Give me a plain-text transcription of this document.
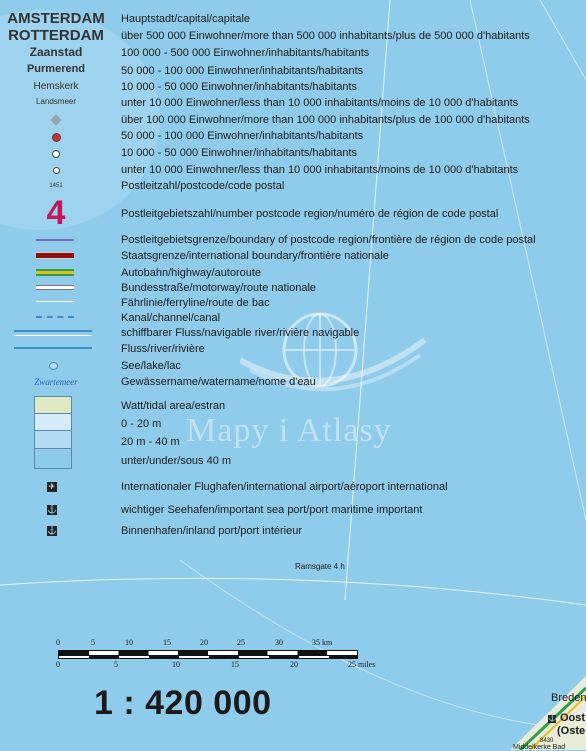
Mapy i Atlasy
AMSTERDAM	Hauptstadt/capital/capitale
ROTTERDAM	über 500 000 Einwohner/more than 500 000 inhabitants/plus de 500 000 d'habitants
Zaanstad	100 000 - 500 000 Einwohner/inhabitants/habitants
Purmerend	50 000 - 100 000 Einwohner/inhabitants/habitants
Hemskerk	10 000 - 50 000 Einwohner/inhabitants/habitants
Landsmeer	unter 10 000 Einwohner/less than 10 000 inhabitants/moins de 10 000 d'habitants
über 100 000 Einwohner/more than 100 000 inhabitants/plus de 100 000 d'habitants
50 000 - 100 000 Einwohner/inhabitants/habitants
10 000 - 50 000 Einwohner/inhabitants/habitants
unter 10 000 Einwohner/less than 10 000 inhabitants/moins de 10 000 d'habitants
1451	Postleitzahl/postcode/code postal
4	Postleitgebietszahl/number postcode region/numéro de région de code postal
Postleitgebietsgrenze/boundary of postcode region/frontière de région de code postal
Staatsgrenze/international boundary/frontière nationale
Autobahn/highway/autoroute
Bundesstraße/motorway/route nationale
Fährlinie/ferryline/route de bac
Kanal/channel/canal
schiffbarer Fluss/navigable river/rivière navigable
Fluss/river/rivière
See/lake/lac
Zwartemeer	Gewässername/watername/nome d'eau
Watt/tidal area/estran
0 - 20 m
20 m - 40 m
unter/under/sous 40 m
✈	Internationaler Flughafen/international airport/aéroport international
⚓	wichtiger Seehafen/important sea port/port maritime important
⚓	Binnenhafen/inland port/port intérieur
Ramsgate 4 h
0	5	10	15	20	25	30	35 km
0	5	10	15	20	25 miles
1 : 420 000	Breden
⚓ Oost
(Oste
8430
Middelkerke Bad
